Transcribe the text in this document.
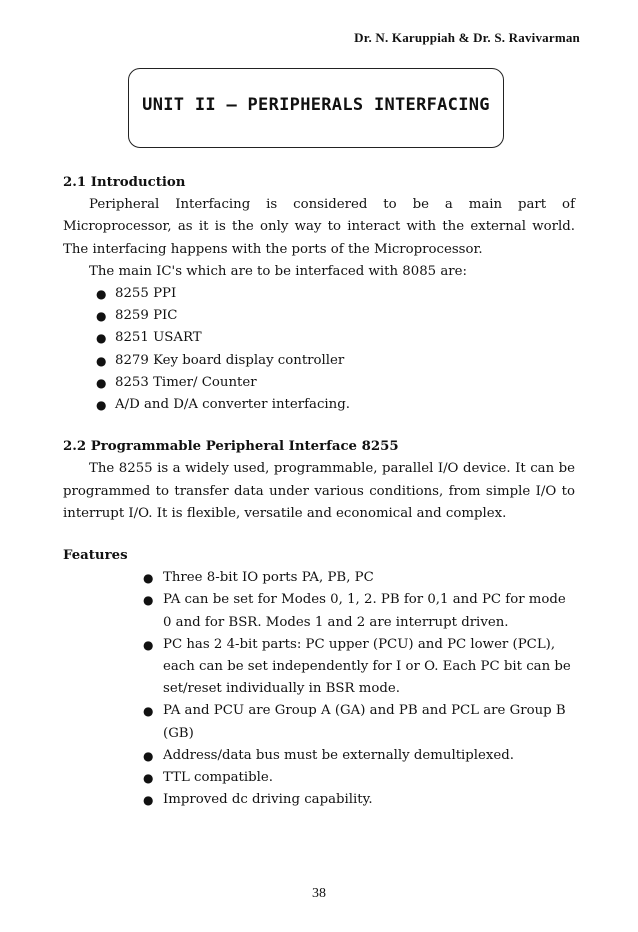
Dr. N. Karuppiah & Dr. S. Ravivarman
UNIT II – PERIPHERALS INTERFACING
2.1 Introduction

Peripheral Interfacing is considered to be a main part of Microprocessor, as it is the only way to interact with the external world. The interfacing happens with the ports of the Microprocessor.

The main IC's which are to be interfaced with 8085 are:
● 8255 PPI
● 8259 PIC
● 8251 USART
● 8279 Key board display controller
● 8253 Timer/ Counter
● A/D and D/A converter interfacing.
2.2 Programmable Peripheral Interface 8255

The 8255 is a widely used, programmable, parallel I/O device. It can be programmed to transfer data under various conditions, from simple I/O to interrupt I/O. It is flexible, versatile and economical and complex.

Features
● Three 8-bit IO ports PA, PB, PC
● PA can be set for Modes 0, 1, 2. PB for 0,1 and PC for mode 0 and for BSR. Modes 1 and 2 are interrupt driven.
● PC has 2 4-bit parts: PC upper (PCU) and PC lower (PCL), each can be set independently for I or O. Each PC bit can be set/reset individually in BSR mode.
● PA and PCU are Group A (GA) and PB and PCL are Group B (GB)
● Address/data bus must be externally demultiplexed.
● TTL compatible.
● Improved dc driving capability.
38
